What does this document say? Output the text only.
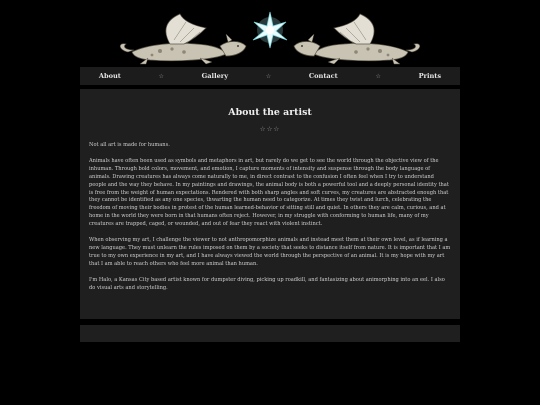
About	☆	Gallery	☆	Contact	☆	Prints
About the artist
☆☆☆

Not all art is made for humans.

Animals have often been used as symbols and metaphors in art, but rarely do we get to see the world through the objective view of the inhuman. Through bold colors, movement, and emotion, I capture moments of intensity and suspense through the body language of animals. Drawing creatures has always come naturally to me, in direct contrast to the confusion I often feel when I try to understand people and the way they behave. In my paintings and drawings, the animal body is both a powerful tool and a deeply personal identity that is free from the weight of human expectations. Rendered with both sharp angles and soft curves, my creatures are abstracted enough that they cannot be identified as any one species, thwarting the human need to categorize. At times they twist and lurch, celebrating the freedom of moving their bodies in protest of the human learned-behavior of sitting still and quiet. In others they are calm, curious, and at home in the world they were born in that humans often reject. However, in my struggle with conforming to human life, many of my creatures are trapped, caged, or wounded, and out of fear they react with violent instinct.

When observing my art, I challenge the viewer to not anthropomorphize animals and instead meet them at their own level, as if learning a new language. They must unlearn the rules imposed on them by a society that seeks to distance itself from nature. It is important that I am true to my own experience in my art, and I have always viewed the world through the perspective of an animal. It is my hope with my art that I am able to reach others who feel more animal than human.

I'm Halo, a Kansas City based artist known for dumpster diving, picking up roadkill, and fantasizing about animorphing into an eel. I also do visual arts and storytelling.
